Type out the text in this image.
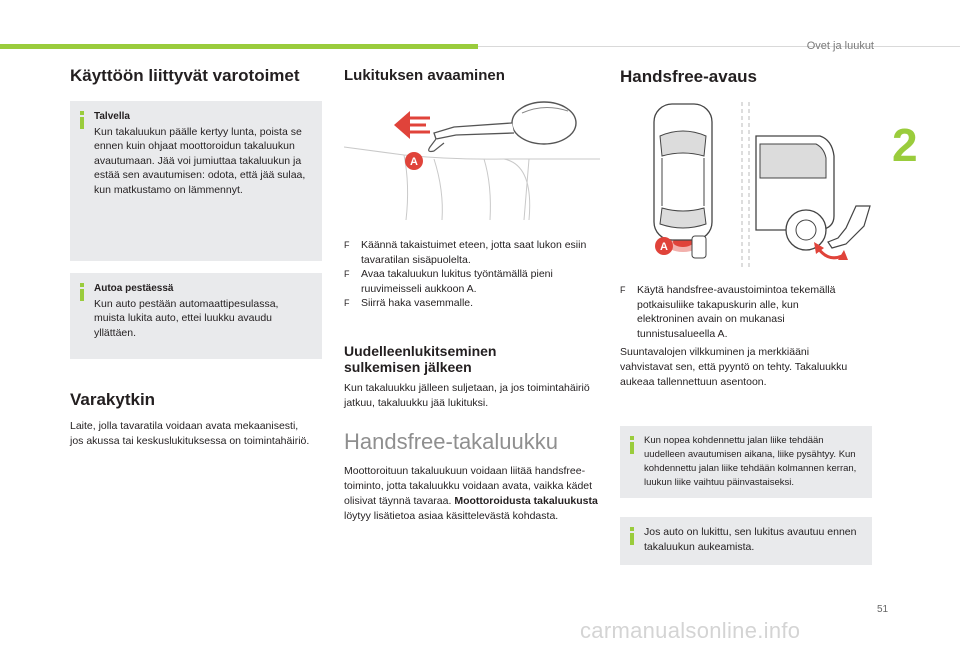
Ovet ja luukut
2
51
carmanualsonline.info
Käyttöön liittyvät varotoimet
Talvella
Kun takaluukun päälle kertyy lunta, poista se ennen kuin ohjaat moottoroidun takaluukun avautumaan. Jää voi jumiuttaa takaluukun ja estää sen avautumisen: odota, että jää sulaa, kun matkustamo on lämmennyt.
Autoa pestäessä
Kun auto pestään automaattipesulassa, muista lukita auto, ettei luukku avaudu yllättäen.
Varakytkin

Laite, jolla tavaratila voidaan avata mekaanisesti, jos akussa tai keskuslukituksessa on toimintahäiriö.

Lukituksen avaaminen
A
F Käännä takaistuimet eteen, jotta saat lukon esiin tavaratilan sisäpuolelta.
F Avaa takaluukun lukitus työntämällä pieni ruuvimeisseli aukkoon A.
F Siirrä haka vasemmalle.
Uudelleenlukitseminen sulkemisen jälkeen

Kun takaluukku jälleen suljetaan, ja jos toimintahäiriö jatkuu, takaluukku jää lukituksi.

Handsfree-takaluukku

Moottoroituun takaluukuun voidaan liitää handsfree-toiminto, jotta takaluukku voidaan avata, vaikka kädet olisivat täynnä tavaraa. Moottoroidusta takaluukusta löytyy lisätietoa asiaa käsittelevästä kohdasta.

Handsfree-avaus
A
F Käytä handsfree-avaustoimintoa tekemällä potkaisuliike takapuskurin alle, kun elektroninen avain on mukanasi tunnistusalueella A.

Suuntavalojen vilkkuminen ja merkkiääni vahvistavat sen, että pyyntö on tehty. Takaluukku aukeaa tallennettuun asentoon.

Kun nopea kohdennettu jalan liike tehdään uudelleen avautumisen aikana, liike pysähtyy. Kun kohdennettu jalan liike tehdään kolmannen kerran, luukun liike vaihtuu päinvastaiseksi.
Jos auto on lukittu, sen lukitus avautuu ennen takaluukun aukeamista.
